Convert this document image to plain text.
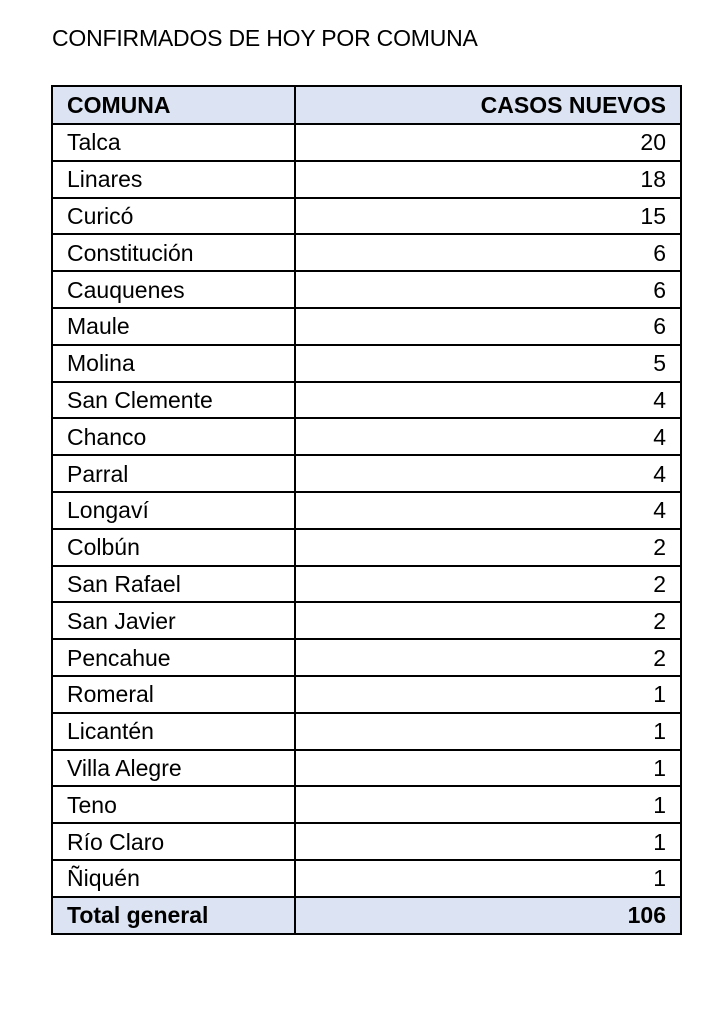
CONFIRMADOS DE HOY POR COMUNA
COMUNA	CASOS NUEVOS
Talca	20
Linares	18
Curicó	15
Constitución	6
Cauquenes	6
Maule	6
Molina	5
San Clemente	4
Chanco	4
Parral	4
Longaví	4
Colbún	2
San Rafael	2
San Javier	2
Pencahue	2
Romeral	1
Licantén	1
Villa Alegre	1
Teno	1
Río Claro	1
Ñiquén	1
Total general	106
